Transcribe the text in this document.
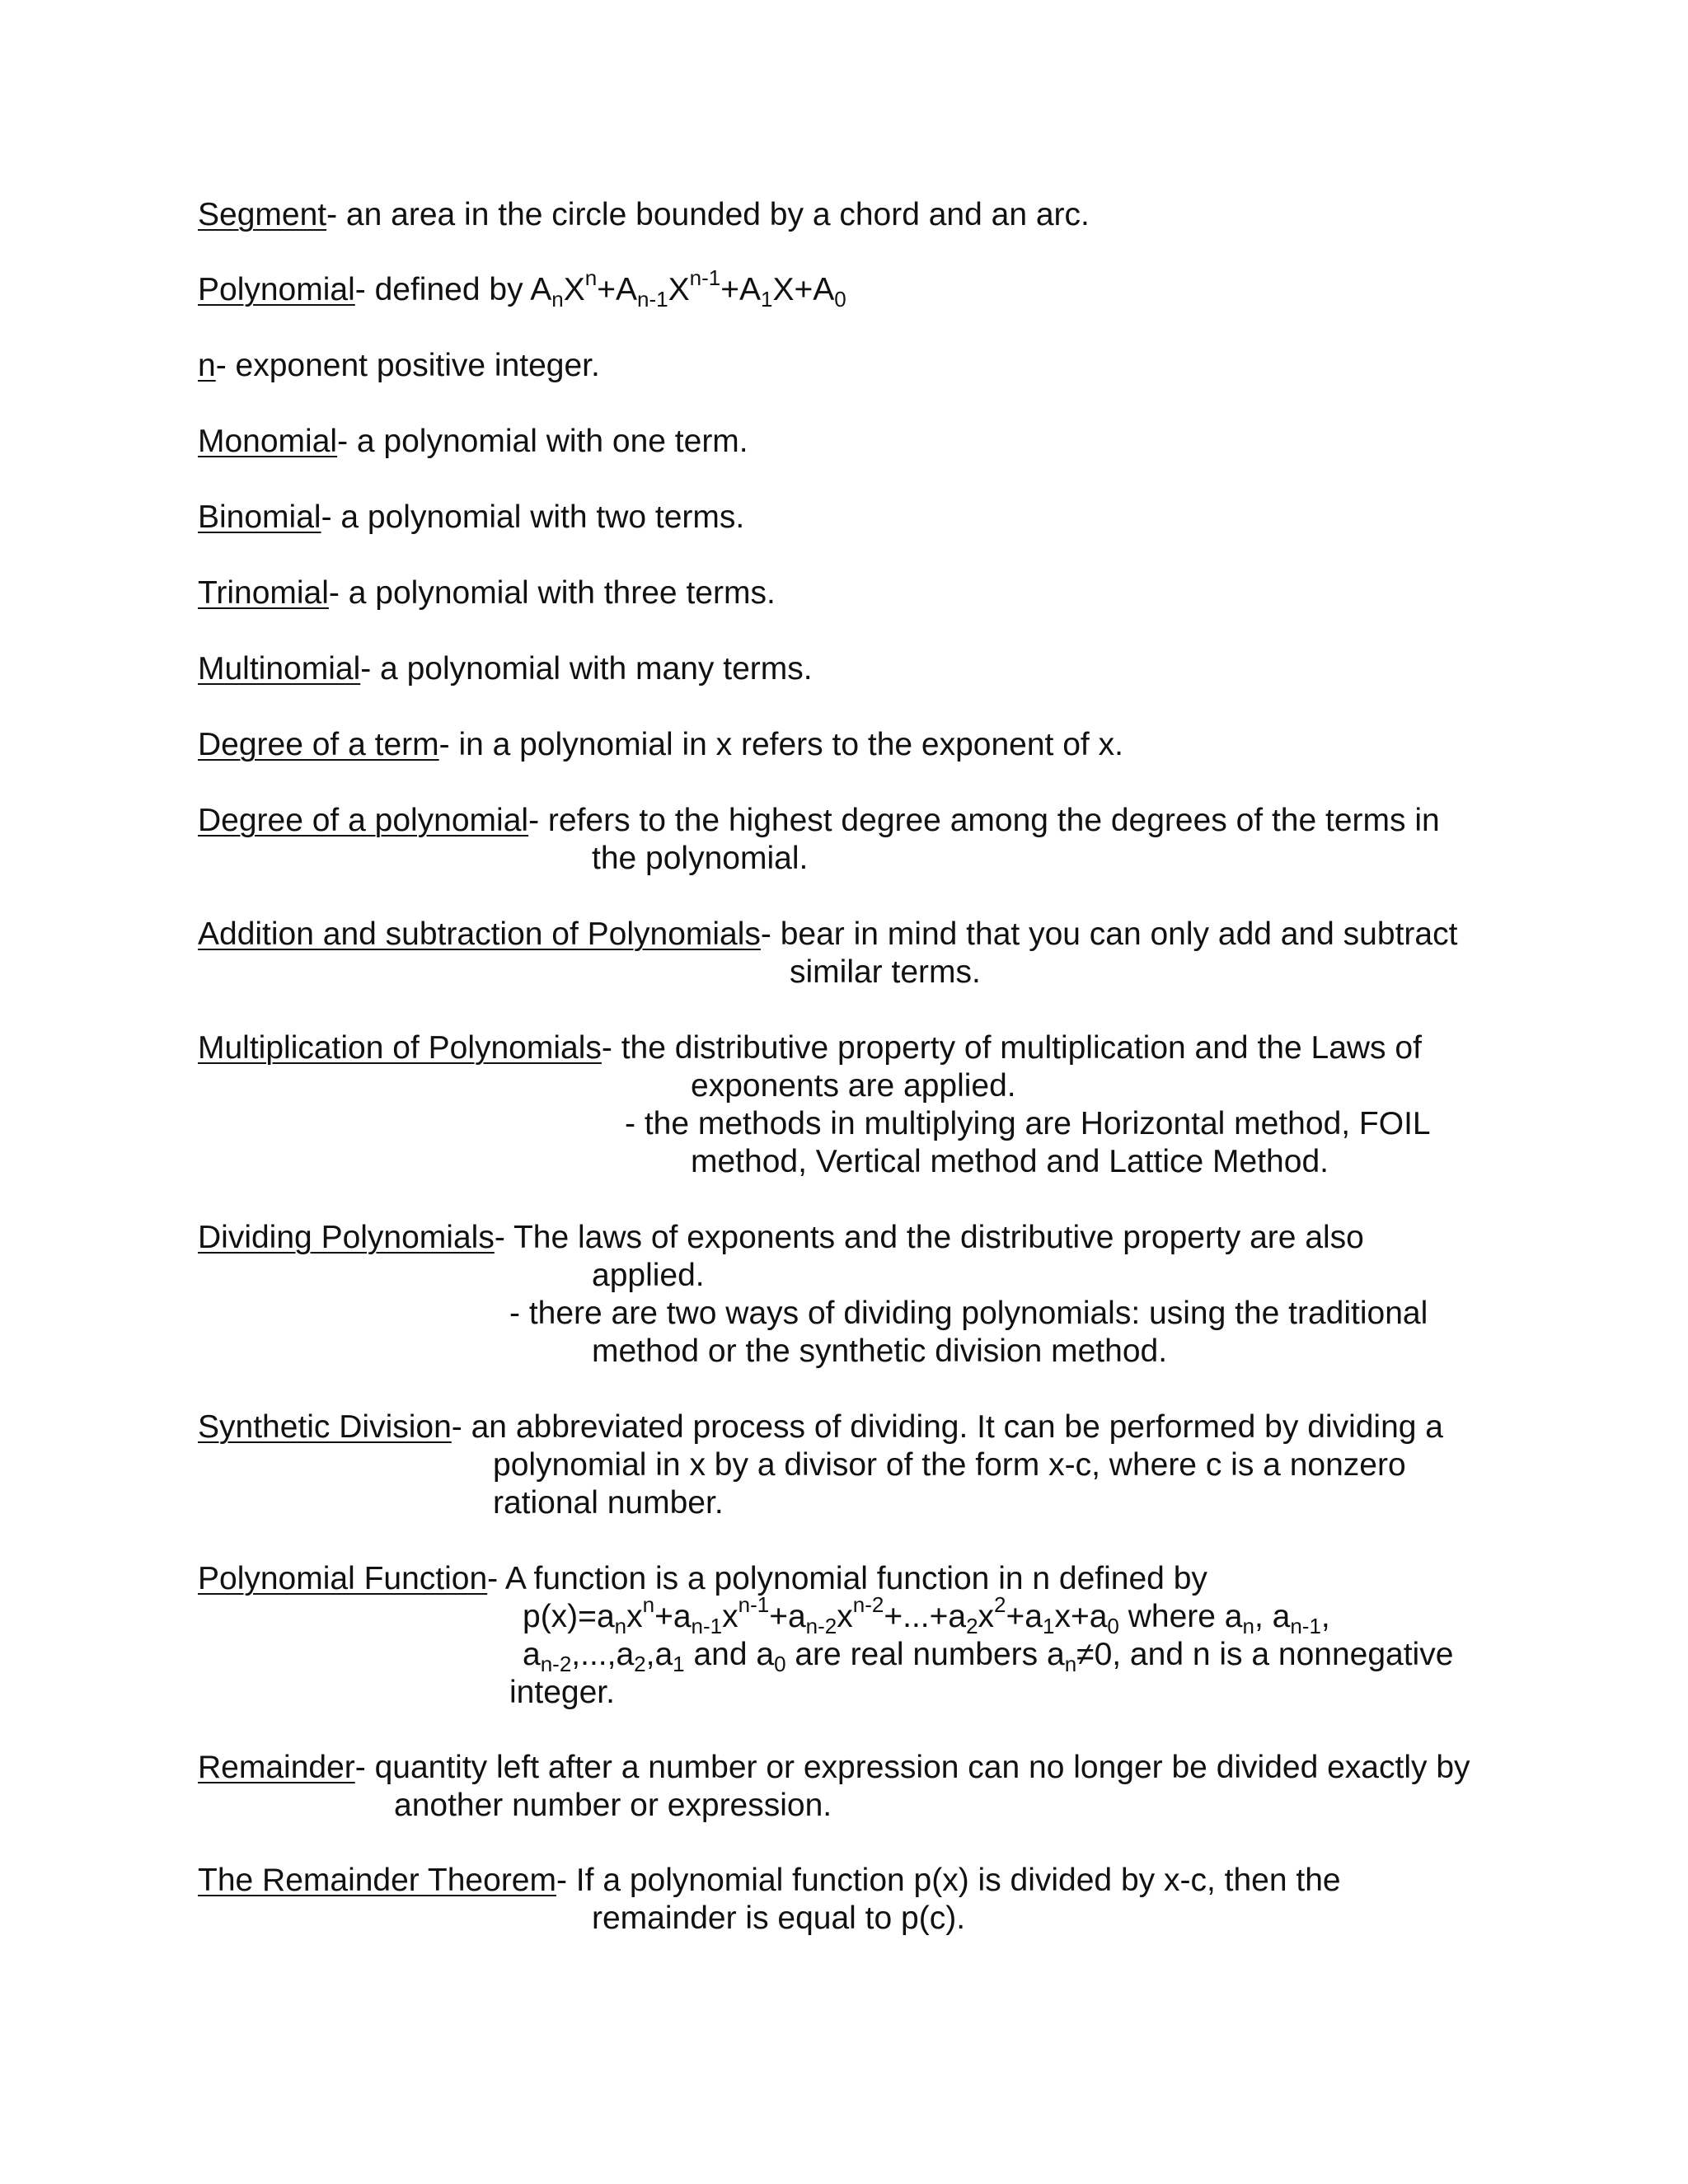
Segment- an area in the circle bounded by a chord and an arc.

Polynomial- defined by $A_nX^n+A_{n-1}X^{n-1}+A_1X+A_0$

n- exponent positive integer.

Monomial- a polynomial with one term.

Binomial- a polynomial with two terms.

Trinomial- a polynomial with three terms.

Multinomial- a polynomial with many terms.

Degree of a term- in a polynomial in x refers to the exponent of x.

Degree of a polynomial- refers to the highest degree among the degrees of the terms in
the polynomial.

Addition and subtraction of Polynomials- bear in mind that you can only add and subtract
similar terms.

Multiplication of Polynomials- the distributive property of multiplication and the Laws of
exponents are applied.
- the methods in multiplying are Horizontal method, FOIL
method, Vertical method and Lattice Method.

Dividing Polynomials- The laws of exponents and the distributive property are also
applied.
- there are two ways of dividing polynomials: using the traditional
method or the synthetic division method.

Synthetic Division- an abbreviated process of dividing. It can be performed by dividing a
polynomial in x by a divisor of the form x-c, where c is a nonzero
rational number.

Polynomial Function- A function is a polynomial function in n defined by
$p(x)=a_nx^n+a_{n-1}x^{n-1}+a_{n-2}x^{n-2}+...+a_2x^2+a_1x+a_0$ where $a_n$, $a_{n-1}$,
$a_{n-2},...,a_2,a_1$ and $a_0$ are real numbers $a_n\ne 0$, and n is a nonnegative
integer.

Remainder- quantity left after a number or expression can no longer be divided exactly by
another number or expression.

The Remainder Theorem- If a polynomial function p(x) is divided by x-c, then the
remainder is equal to p(c).
